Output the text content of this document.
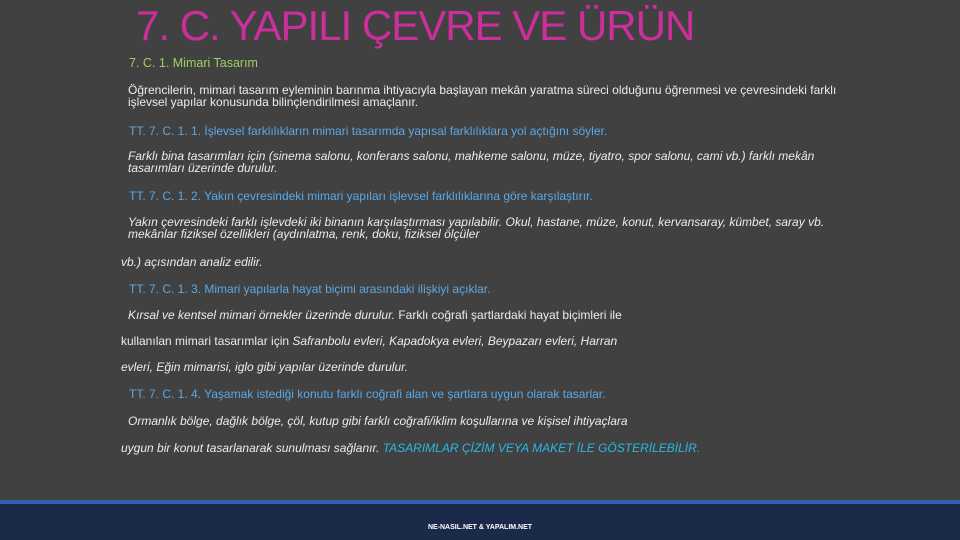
7. C. YAPILI ÇEVRE VE ÜRÜN
7. C. 1. Mimari Tasarım
Öğrencilerin, mimari tasarım eyleminin barınma ihtiyacıyla başlayan mekân yaratma süreci olduğunu öğrenmesi ve çevresindeki farklı işlevsel yapılar konusunda bilinçlendirilmesi amaçlanır.
TT. 7. C. 1. 1. İşlevsel farklılıkların mimari tasarımda yapısal farklılıklara yol açtığını söyler.
Farklı bina tasarımları için (sinema salonu, konferans salonu, mahkeme salonu, müze, tiyatro, spor salonu, cami vb.) farklı mekân tasarımları üzerinde durulur.
TT. 7. C. 1. 2. Yakın çevresindeki mimari yapıları işlevsel farklılıklarına göre karşılaştırır.
Yakın çevresindeki farklı işlevdeki iki binanın karşılaştırması yapılabilir. Okul, hastane, müze, konut, kervansaray, kümbet, saray vb. mekânlar fiziksel özellikleri (aydınlatma, renk, doku, fiziksel ölçüler
vb.) açısından analiz edilir.
TT. 7. C. 1. 3. Mimari yapılarla hayat biçimi arasındaki ilişkiyi açıklar.
Kırsal ve kentsel mimari örnekler üzerinde durulur. Farklı coğrafi şartlardaki hayat biçimleri ile
kullanılan mimari tasarımlar için Safranbolu evleri, Kapadokya evleri, Beypazarı evleri, Harran
evleri, Eğin mimarisi, iglo gibi yapılar üzerinde durulur.
TT. 7. C. 1. 4. Yaşamak istediği konutu farklı coğrafi alan ve şartlara uygun olarak tasarlar.
Ormanlık bölge, dağlık bölge, çöl, kutup gibi farklı coğrafi/iklim koşullarına ve kişisel ihtiyaçlara
uygun bir konut tasarlanarak sunulması sağlanır. TASARIMLAR ÇİZİM VEYA MAKET İLE GÖSTERİLEBİLİR.
NE-NASIL.NET & YAPALIM.NET
